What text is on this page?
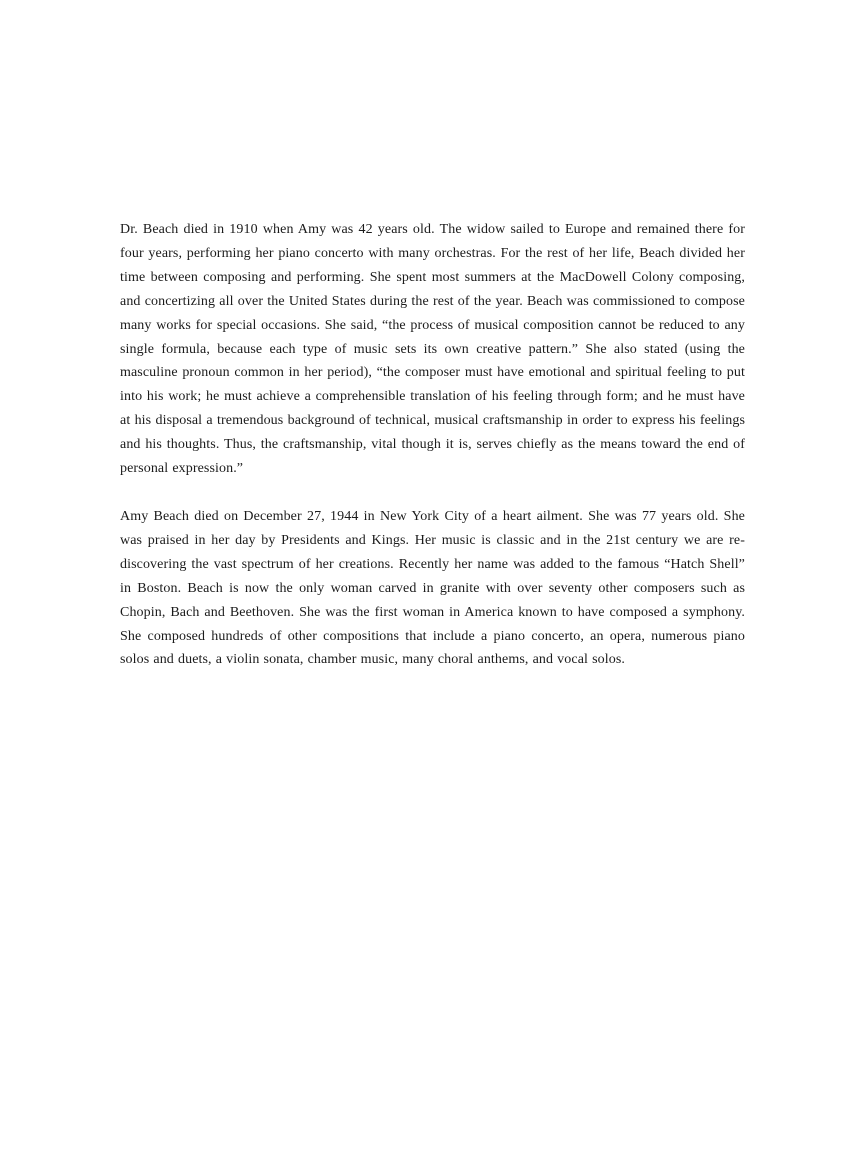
Dr. Beach died in 1910 when Amy was 42 years old. The widow sailed to Europe and remained there for four years, performing her piano concerto with many orchestras. For the rest of her life, Beach divided her time between composing and performing. She spent most summers at the MacDowell Colony composing, and concertizing all over the United States during the rest of the year. Beach was commissioned to compose many works for special occasions. She said, “the process of musical composition cannot be reduced to any single formula, because each type of music sets its own creative pattern.” She also stated (using the masculine pronoun common in her period), “the composer must have emotional and spiritual feeling to put into his work; he must achieve a comprehensible translation of his feeling through form; and he must have at his disposal a tremendous background of technical, musical craftsmanship in order to express his feelings and his thoughts. Thus, the craftsmanship, vital though it is, serves chiefly as the means toward the end of personal expression.”

Amy Beach died on December 27, 1944 in New York City of a heart ailment. She was 77 years old. She was praised in her day by Presidents and Kings. Her music is classic and in the 21st century we are re-discovering the vast spectrum of her creations. Recently her name was added to the famous “Hatch Shell” in Boston. Beach is now the only woman carved in granite with over seventy other composers such as Chopin, Bach and Beethoven. She was the first woman in America known to have composed a symphony. She composed hundreds of other compositions that include a piano concerto, an opera, numerous piano solos and duets, a violin sonata, chamber music, many choral anthems, and vocal solos.
